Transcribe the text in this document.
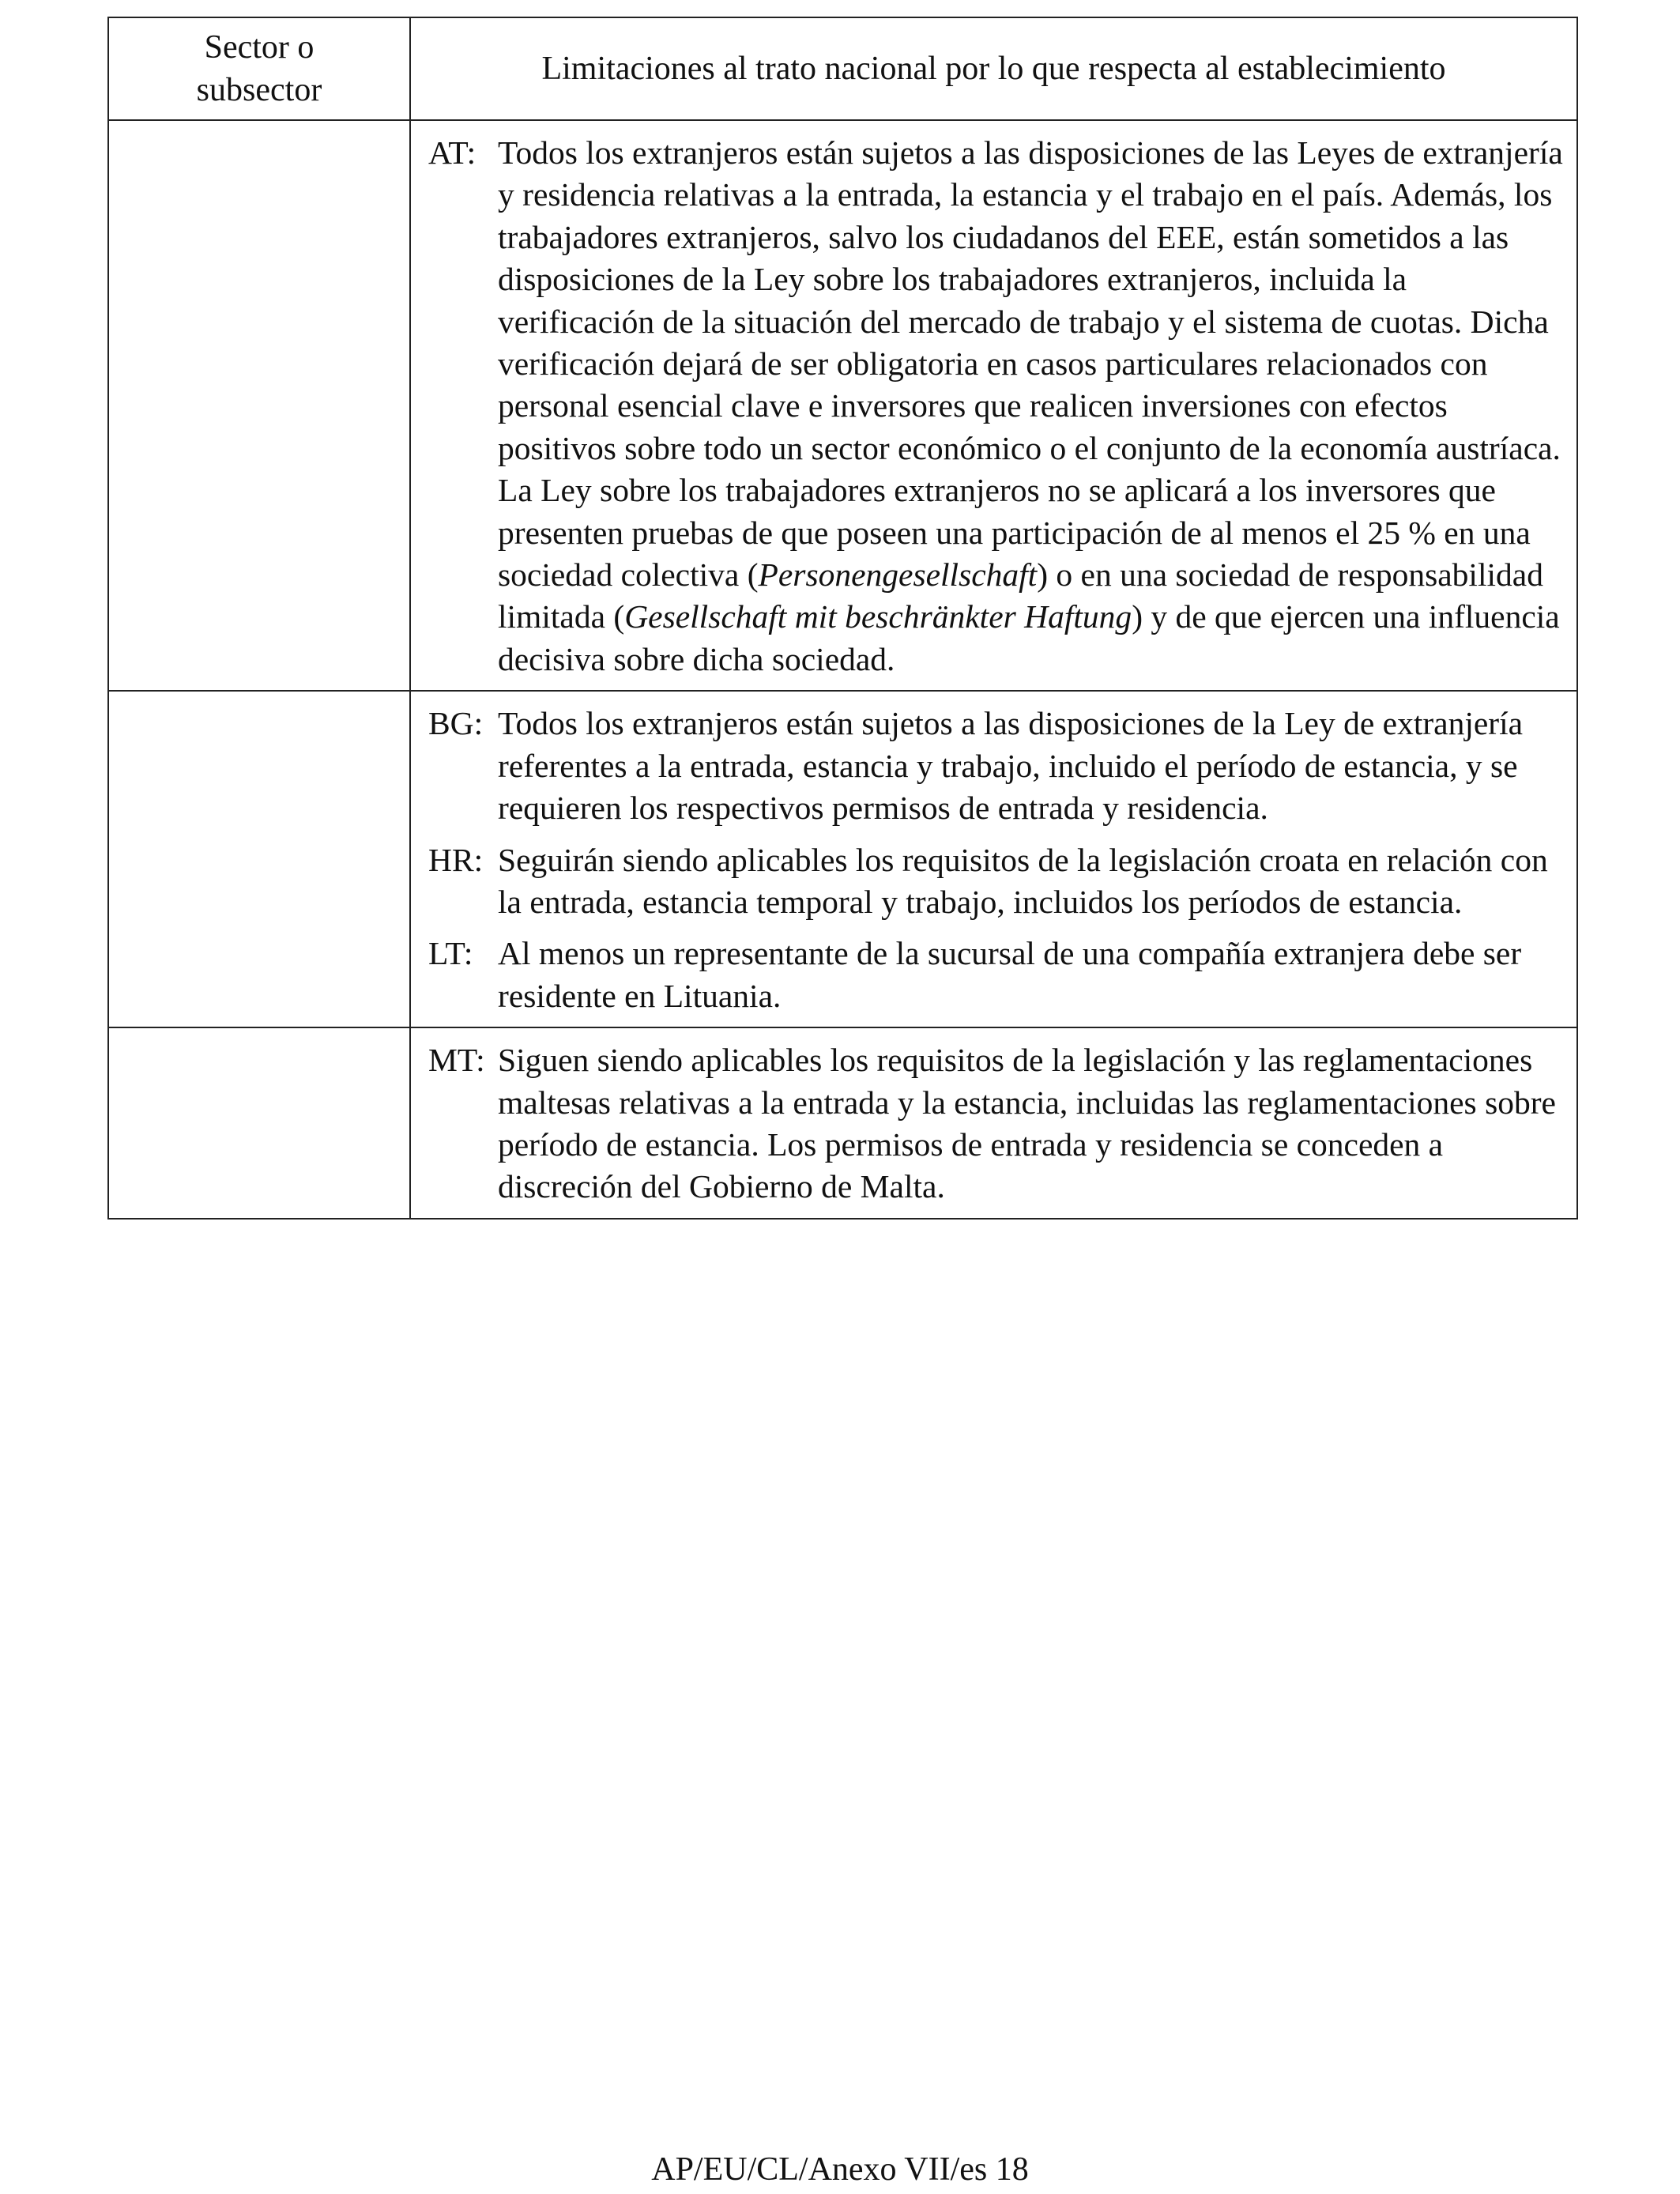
Sector o
subsector	Limitaciones al trato nacional por lo que respecta al establecimiento

	AT: Todos los extranjeros están sujetos a las disposiciones de las Leyes de extranjería y residencia relativas a la entrada, la estancia y el trabajo en el país. Además, los trabajadores extranjeros, salvo los ciudadanos del EEE, están sometidos a las disposiciones de la Ley sobre los trabajadores extranjeros, incluida la verificación de la situación del mercado de trabajo y el sistema de cuotas. Dicha verificación dejará de ser obligatoria en casos particulares relacionados con personal esencial clave e inversores que realicen inversiones con efectos positivos sobre todo un sector económico o el conjunto de la economía austríaca. La Ley sobre los trabajadores extranjeros no se aplicará a los inversores que presenten pruebas de que poseen una participación de al menos el 25 % en una sociedad colectiva (Personengesellschaft) o en una sociedad de responsabilidad limitada (Gesellschaft mit beschränkter Haftung) y de que ejercen una influencia decisiva sobre dicha sociedad.

	BG: Todos los extranjeros están sujetos a las disposiciones de la Ley de extranjería referentes a la entrada, estancia y trabajo, incluido el período de estancia, y se requieren los respectivos permisos de entrada y residencia.

HR: Seguirán siendo aplicables los requisitos de la legislación croata en relación con la entrada, estancia temporal y trabajo, incluidos los períodos de estancia.

LT: Al menos un representante de la sucursal de una compañía extranjera debe ser residente en Lituania.

	MT: Siguen siendo aplicables los requisitos de la legislación y las reglamentaciones maltesas relativas a la entrada y la estancia, incluidas las reglamentaciones sobre período de estancia. Los permisos de entrada y residencia se conceden a discreción del Gobierno de Malta.

AP/EU/CL/Anexo VII/es 18
